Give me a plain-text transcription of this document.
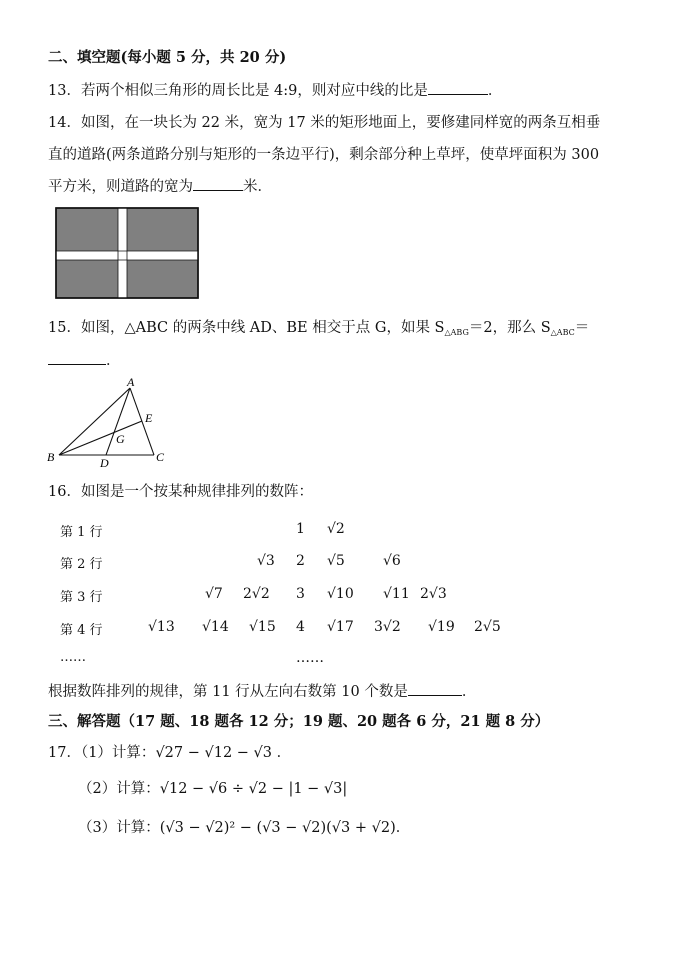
二、填空题(每小题 5 分，共 20 分)
13．若两个相似三角形的周长比是 4:9，则对应中线的比是	．
14．如图，在一块长为 22 米，宽为 17 米的矩形地面上，要修建同样宽的两条互相垂
直的道路(两条道路分别与矩形的一条边平行)，剩余部分种上草坪，使草坪面积为 300
平方米，则道路的宽为	米．
15．如图，△ABC 的两条中线 AD、BE 相交于点 G，如果 $S_{\triangle ABG}=2$，那么 $S_{\triangle ABC}=$
．
A
B	C
D
E
G
16．如图是一个按某种规律排列的数阵：
第 1 行	1 √2
第 2 行	√3 2 √5	√6
第 3 行	√7 2√2 3 √10 √11 2√3
第 4 行	√13 √14 √15 4 √17 3√2 √19 2√5
……	……
根据数阵排列的规律，第 11 行从左向右数第 10 个数是	．
三、解答题（17 题、18 题各 12 分；19 题、20 题各 6 分，21 题 8 分）
17．（1）计算：√27 − √12 − √3 ．
（2）计算：√12 − √6 ÷ √2 − |1 − √3|
（3）计算：(√3 − √2)² − (√3 − √2)(√3 + √2)．
